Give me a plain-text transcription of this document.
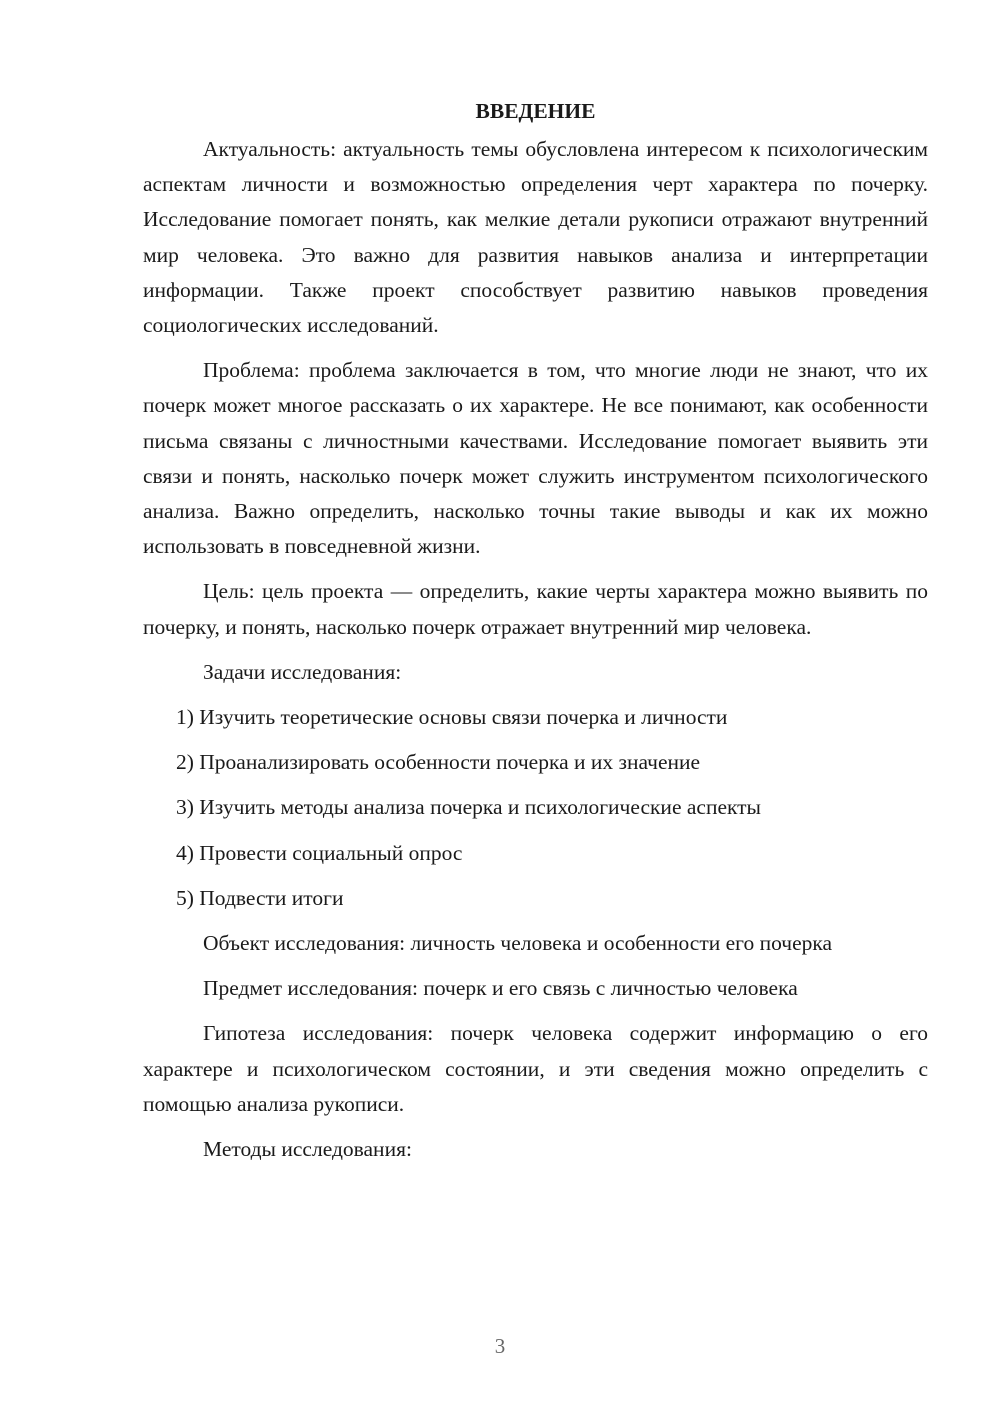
ВВЕДЕНИЕ

Актуальность: актуальность темы обусловлена интересом к психологическим аспектам личности и возможностью определения черт характера по почерку. Исследование помогает понять, как мелкие детали рукописи отражают внутренний мир человека. Это важно для развития навыков анализа и интерпретации информации. Также проект способствует развитию навыков проведения социологических исследований.

Проблема: проблема заключается в том, что многие люди не знают, что их почерк может многое рассказать о их характере. Не все понимают, как особенности письма связаны с личностными качествами. Исследование помогает выявить эти связи и понять, насколько почерк может служить инструментом психологического анализа. Важно определить, насколько точны такие выводы и как их можно использовать в повседневной жизни.

Цель: цель проекта — определить, какие черты характера можно выявить по почерку, и понять, насколько почерк отражает внутренний мир человека.

Задачи исследования:

1) Изучить теоретические основы связи почерка и личности

2) Проанализировать особенности почерка и их значение

3) Изучить методы анализа почерка и психологические аспекты

4) Провести социальный опрос

5) Подвести итоги

Объект исследования: личность человека и особенности его почерка

Предмет исследования: почерк и его связь с личностью человека

Гипотеза исследования: почерк человека содержит информацию о его характере и психологическом состоянии, и эти сведения можно определить с помощью анализа рукописи.

Методы исследования:

3
